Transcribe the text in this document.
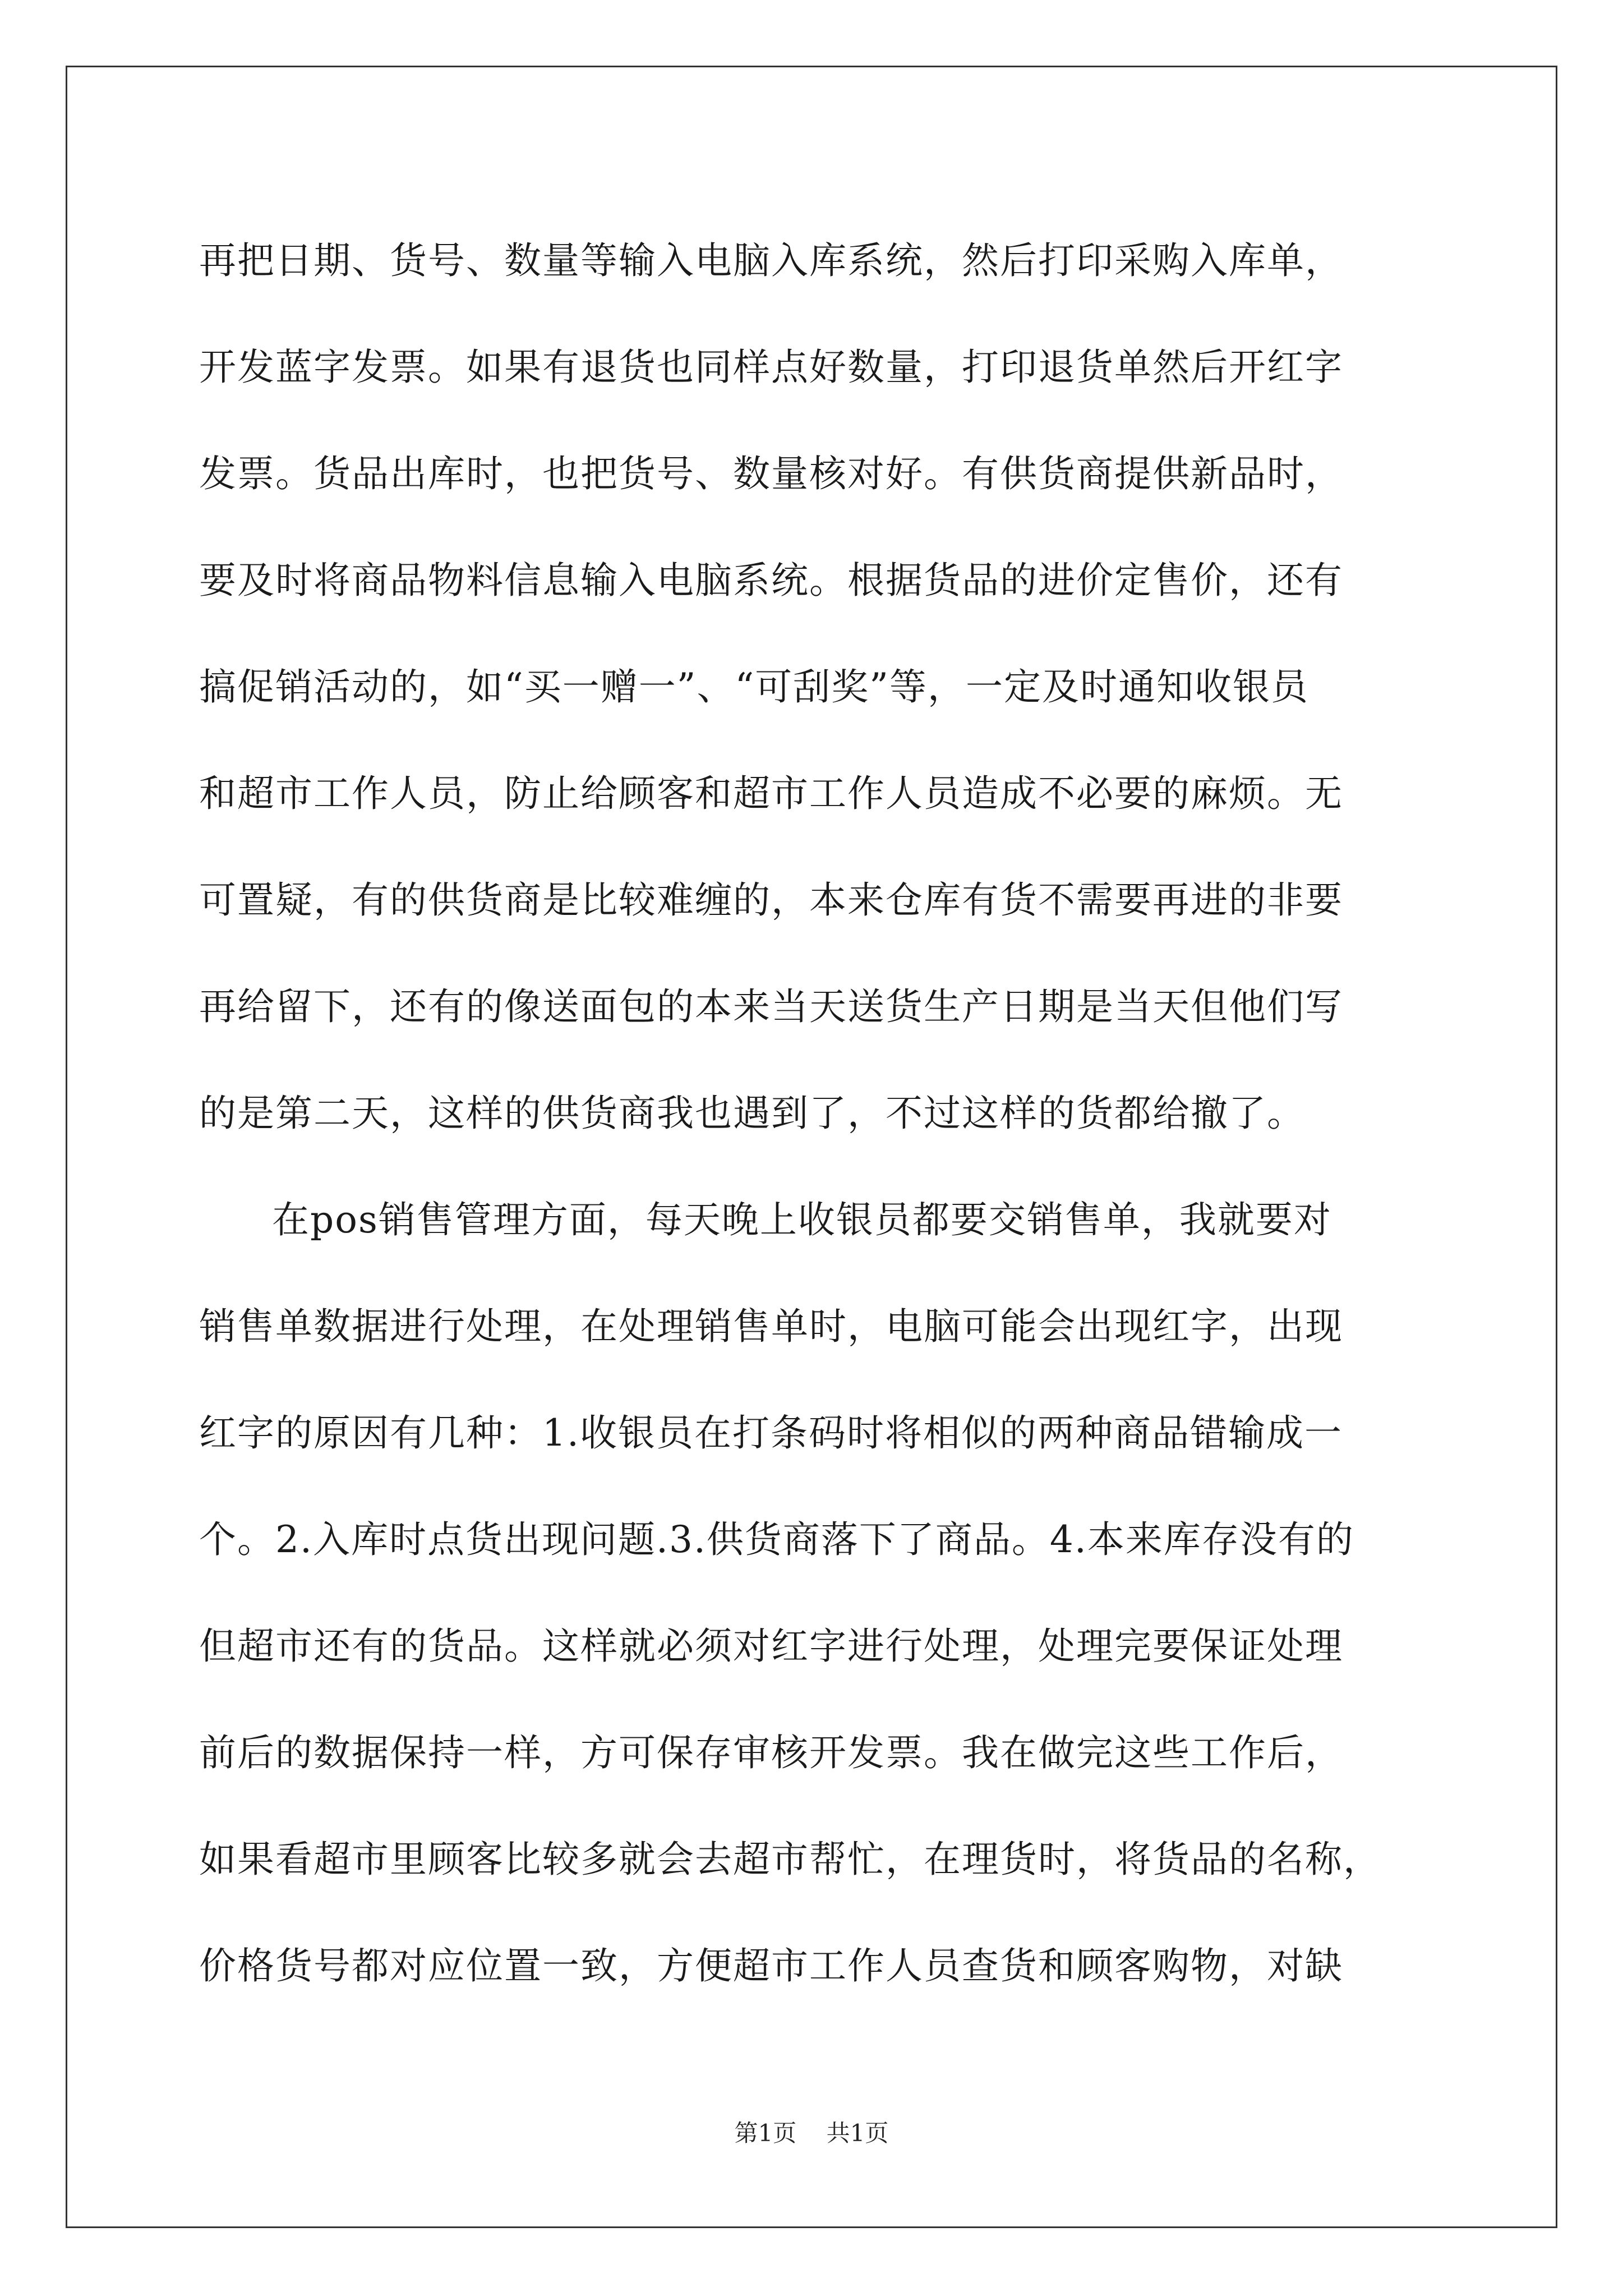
再把日期、货号、数量等输入电脑入库系统，然后打印采购入库单，
开发蓝字发票。如果有退货也同样点好数量，打印退货单然后开红字
发票。货品出库时，也把货号、数量核对好。有供货商提供新品时，
要及时将商品物料信息输入电脑系统。根据货品的进价定售价，还有
搞促销活动的，如“买一赠一”、“可刮奖”等，一定及时通知收银员
和超市工作人员，防止给顾客和超市工作人员造成不必要的麻烦。无
可置疑，有的供货商是比较难缠的，本来仓库有货不需要再进的非要
再给留下，还有的像送面包的本来当天送货生产日期是当天但他们写
的是第二天，这样的供货商我也遇到了，不过这样的货都给撤了。
在pos销售管理方面，每天晚上收银员都要交销售单，我就要对
销售单数据进行处理，在处理销售单时，电脑可能会出现红字，出现
红字的原因有几种：1.收银员在打条码时将相似的两种商品错输成一
个。2.入库时点货出现问题.3.供货商落下了商品。4.本来库存没有的
但超市还有的货品。这样就必须对红字进行处理，处理完要保证处理
前后的数据保持一样，方可保存审核开发票。我在做完这些工作后，
如果看超市里顾客比较多就会去超市帮忙，在理货时，将货品的名称，
价格货号都对应位置一致，方便超市工作人员查货和顾客购物，对缺
第1页 共1页
